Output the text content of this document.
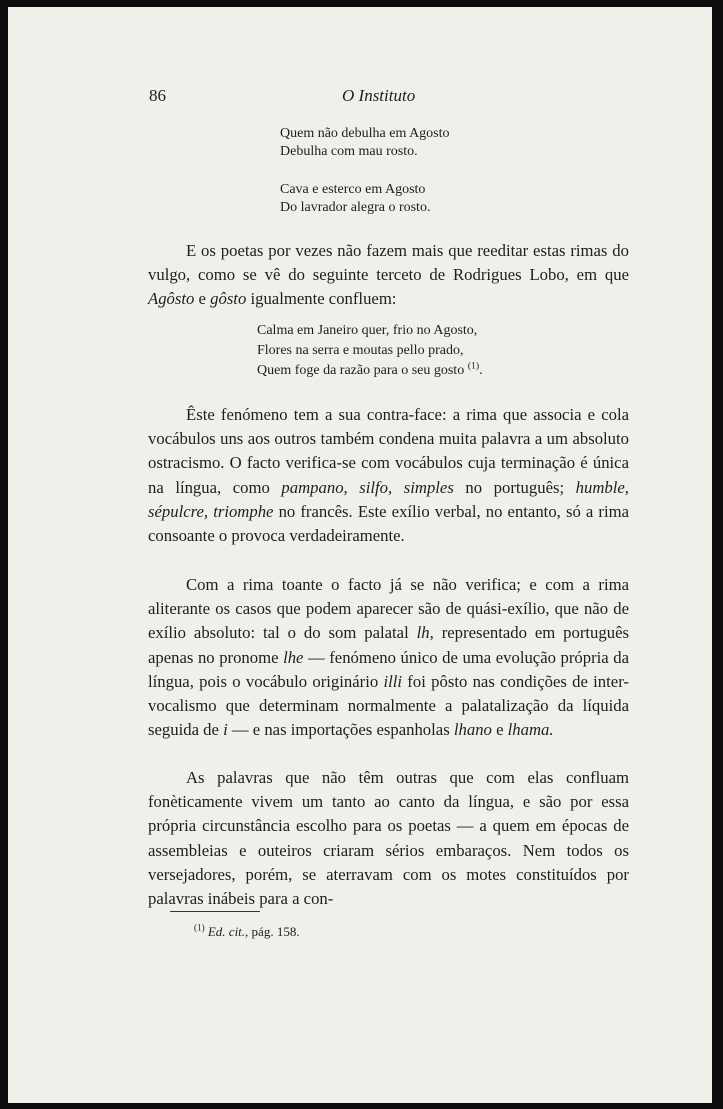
86	O Instituto
Quem não debulha em Agosto
Debulha com mau rosto.
Cava e esterco em Agosto
Do lavrador alegra o rosto.

E os poetas por vezes não fazem mais que reeditar estas rimas do vulgo, como se vê do seguinte terceto de Rodrigues Lobo, em que Agôsto e gôsto igualmente confluem:

Calma em Janeiro quer, frio no Agosto,
Flores na serra e moutas pello prado,
Quem foge da razão para o seu gosto $^{(1)}$.

Êste fenómeno tem a sua contra-face: a rima que associa e cola vocábulos uns aos outros também condena muita palavra a um absoluto ostracismo. O facto verifica-se com vocábulos cuja terminação é única na língua, como pampano, silfo, simples no português; humble, sépulcre, triomphe no francês. Este exílio verbal, no entanto, só a rima consoante o provoca verdadeiramente.

Com a rima toante o facto já se não verifica; e com a rima aliterante os casos que podem aparecer são de quási-exílio, que não de exílio absoluto: tal o do som palatal lh, representado em português apenas no pronome lhe — fenómeno único de uma evolução própria da língua, pois o vocábulo originário illi foi pôsto nas condições de inter-vocalismo que determinam normalmente a palatalização da líquida seguida de i — e nas importações espanholas lhano e lhama.

As palavras que não têm outras que com elas confluam fonèticamente vivem um tanto ao canto da língua, e são por essa própria circunstância escolho para os poetas — a quem em épocas de assembleias e outeiros criaram sérios embaraços. Nem todos os versejadores, porém, se aterravam com os motes constituídos por palavras inábeis para a con-

$^{(1)}$ Ed. cit., pág. 158.
